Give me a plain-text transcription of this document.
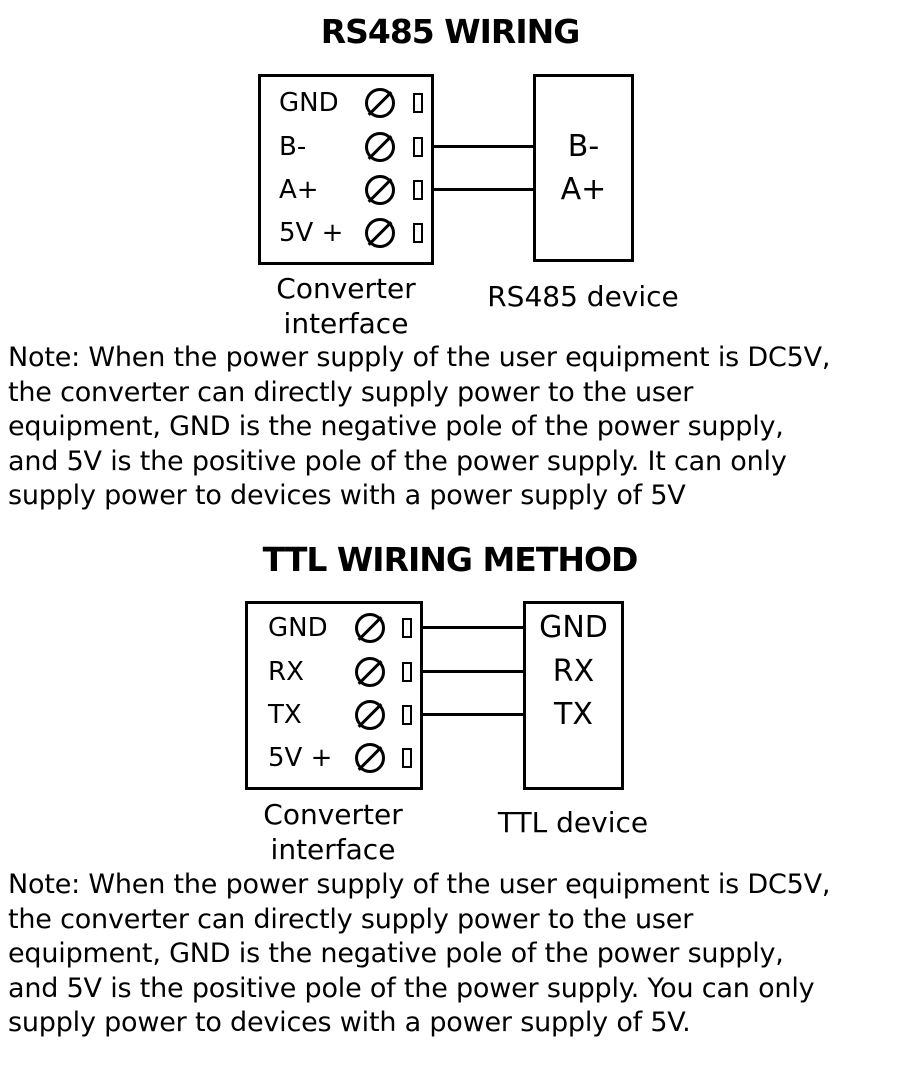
RS485 WIRING
GND
B-
A+
5V +
B-
A+
Converter
interface
RS485 device
Note: When the power supply of the user equipment is DC5V,
the converter can directly supply power to the user
equipment, GND is the negative pole of the power supply,
and 5V is the positive pole of the power supply. It can only
supply power to devices with a power supply of 5V
TTL WIRING METHOD
GND
RX
TX
5V +
GND
RX
TX
Converter
interface
TTL device
Note: When the power supply of the user equipment is DC5V,
the converter can directly supply power to the user
equipment, GND is the negative pole of the power supply,
and 5V is the positive pole of the power supply. You can only
supply power to devices with a power supply of 5V.
